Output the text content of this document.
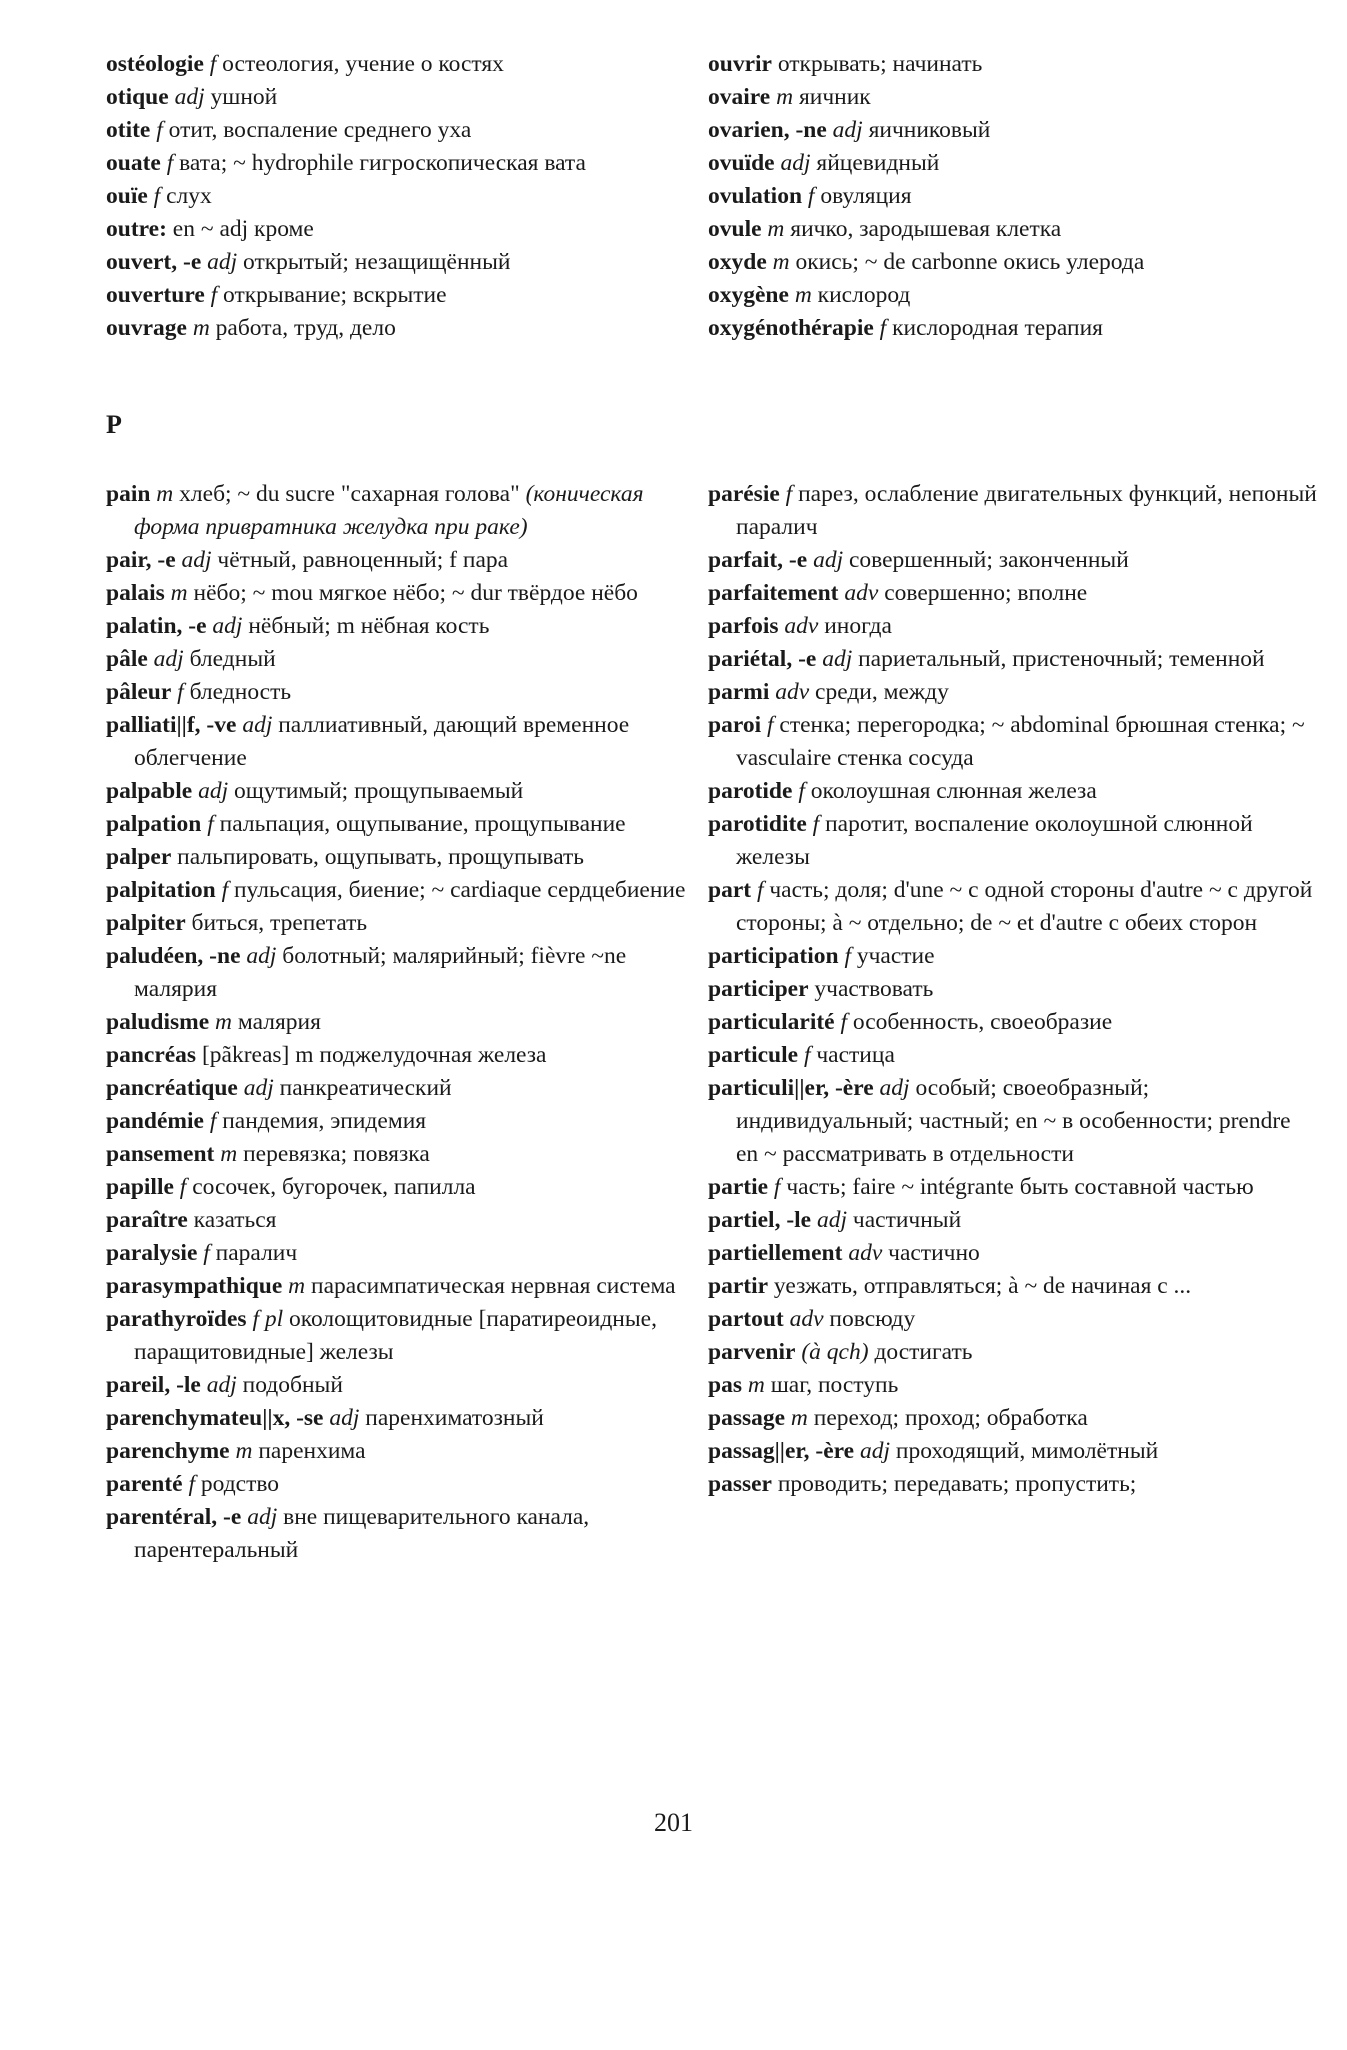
ostéologie f остеология, учение о костях

otique adj ушной

otite f отит, воспаление среднего уха

ouate f вата; ~ hydrophile гигроскопическая вата

ouïe f слух

outre: en ~ adj кроме

ouvert, -e adj открытый; незащищённый

ouverture f открывание; вскрытие

ouvrage m работа, труд, дело

ouvrir открывать; начинать

ovaire m яичник

ovarien, -ne adj яичниковый

ovuïde adj яйцевидный

ovulation f овуляция

ovule m яичко, зародышевая клетка

oxyde m окись; ~ de carbonne окись улерода

oxygène m кислород

oxygénothérapie f кислородная терапия

P

pain m хлеб; ~ du sucre "сахарная голова" (коническая форма привратника желудка при раке)

pair, -e adj чётный, равноценный; f пара

palais m нёбо; ~ mou мягкое нёбо; ~ dur твёрдое нёбо

palatin, -e adj нёбный; m нёбная кость

pâle adj бледный

pâleur f бледность

palliati||f, -ve adj паллиативный, дающий временное облегчение

palpable adj ощутимый; прощупываемый

palpation f пальпация, ощупывание, прощупывание

palper пальпировать, ощупывать, прощупывать

palpitation f пульсация, биение; ~ cardiaque сердцебиение

palpiter биться, трепетать

paludéen, -ne adj болотный; малярийный; fièvre ~ne малярия

paludisme m малярия

pancréas [pãkreas] m поджелудочная железа

pancréatique adj панкреатический

pandémie f пандемия, эпидемия

pansement m перевязка; повязка

papille f сосочек, бугорочек, папилла

paraître казаться

paralysie f паралич

parasympathique m парасимпатическая нервная система

parathyroïdes f pl околощитовидные [паратиреоидные, паращитовидные] железы

pareil, -le adj подобный

parenchymateu||x, -se adj паренхиматозный

parenchyme m паренхима

parenté f родство

parentéral, -e adj вне пищеварительного канала, парентеральный

parésie f парез, ослабление двигательных функций, непоный паралич

parfait, -e adj совершенный; законченный

parfaitement adv совершенно; вполне

parfois adv иногда

pariétal, -e adj париетальный, пристеночный; теменной

parmi adv среди, между

paroi f стенка; перегородка; ~ abdominal брюшная стенка; ~ vasculaire стенка сосуда

parotide f околоушная слюнная железа

parotidite f паротит, воспаление околоушной слюнной железы

part f часть; доля; d'une ~ с одной стороны d'autre ~ с другой стороны; à ~ отдельно; de ~ et d'autre с обеих сторон

participation f участие

participer участвовать

particularité f особенность, своеобразие

particule f частица

particuli||er, -ère adj особый; своеобразный; индивидуальный; частный; en ~ в особенности; prendre en ~ рассматривать в отдельности

partie f часть; faire ~ intégrante быть составной частью

partiel, -le adj частичный

partiellement adv частично

partir уезжать, отправляться; à ~ de начиная с ...

partout adv повсюду

parvenir (à qch) достигать

pas m шаг, поступь

passage m переход; проход; обработка

passag||er, -ère adj проходящий, мимолётный

passer проводить; передавать; пропустить;

201
